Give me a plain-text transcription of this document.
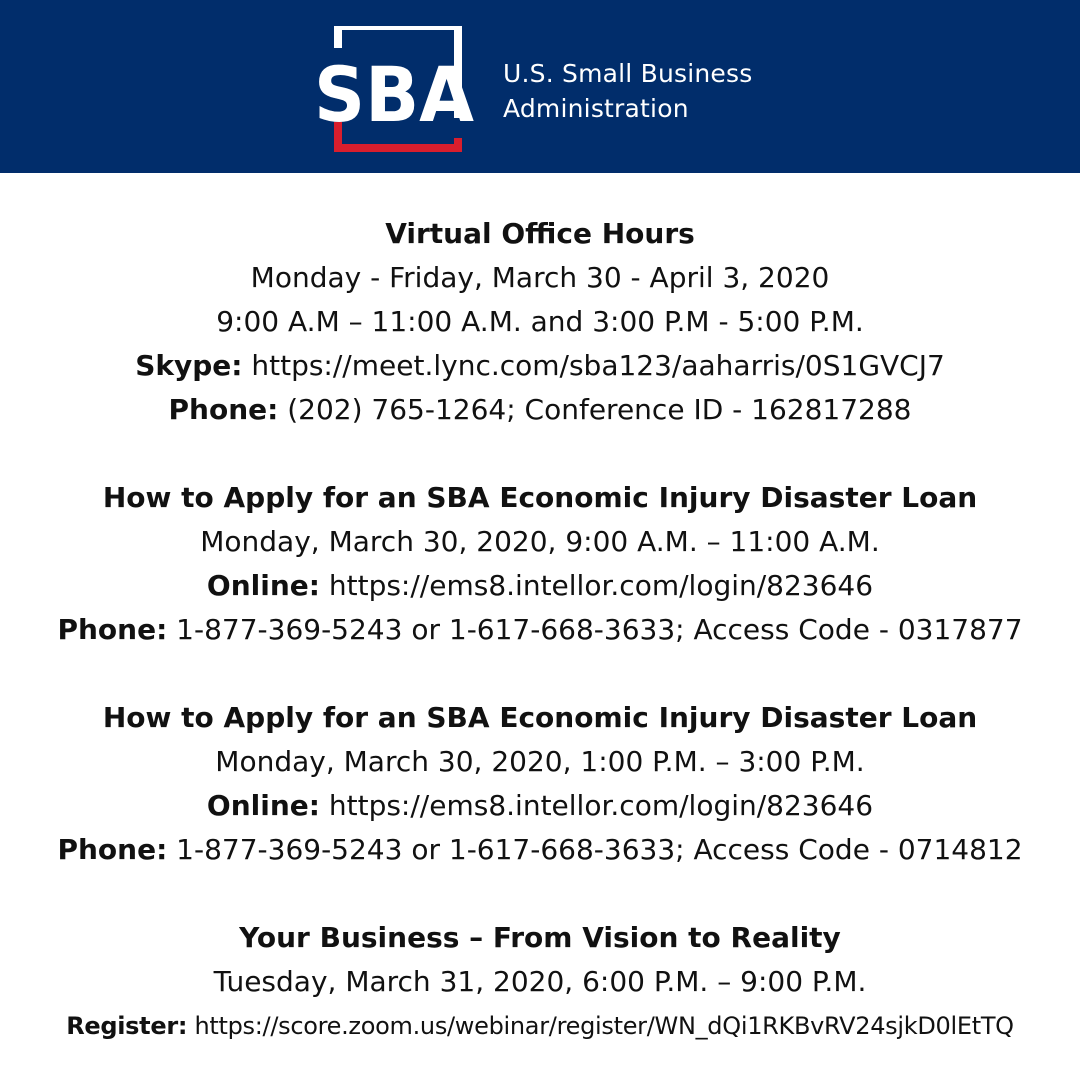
SBA U.S. Small Business
Administration
Virtual Office Hours
Monday - Friday, March 30 - April 3, 2020
9:00 A.M – 11:00 A.M. and 3:00 P.M - 5:00 P.M.
Skype: https://meet.lync.com/sba123/aaharris/0S1GVCJ7
Phone: (202) 765-1264; Conference ID - 162817288
How to Apply for an SBA Economic Injury Disaster Loan
Monday, March 30, 2020, 9:00 A.M. – 11:00 A.M.
Online: https://ems8.intellor.com/login/823646
Phone: 1-877-369-5243 or 1-617-668-3633; Access Code - 0317877
How to Apply for an SBA Economic Injury Disaster Loan
Monday, March 30, 2020, 1:00 P.M. – 3:00 P.M.
Online: https://ems8.intellor.com/login/823646
Phone: 1-877-369-5243 or 1-617-668-3633; Access Code - 0714812
Your Business – From Vision to Reality
Tuesday, March 31, 2020, 6:00 P.M. – 9:00 P.M.
Register: https://score.zoom.us/webinar/register/WN_dQi1RKBvRV24sjkD0lEtTQ
